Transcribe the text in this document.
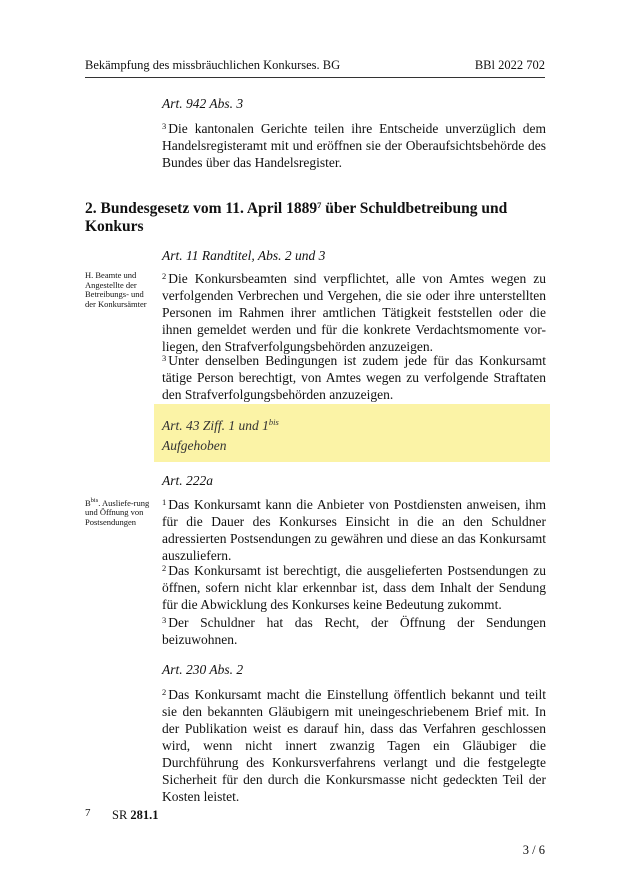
Bekämpfung des missbräuchlichen Konkurses. BG	BBl 2022 702
Art. 942 Abs. 3

$^3$ Die kantonalen Gerichte teilen ihre Entscheide unverzüglich dem Handelsregisteramt mit und eröffnen sie der Oberaufsichtsbehörde des Bundes über das Handelsregister.

2. Bundesgesetz vom 11. April 1889$^7$ über Schuldbetreibung und Konkurs
Art. 11 Randtitel, Abs. 2 und 3
H. Beamte und Angestellte der Betreibungs- und der Konkursämter

$^2$ Die Konkursbeamten sind verpflichtet, alle von Amtes wegen zu verfolgenden Verbrechen und Vergehen, die sie oder ihre unterstellten Personen im Rahmen ihrer amtlichen Tätigkeit feststellen oder die ihnen gemeldet werden und für die konkrete Verdachtsmomente vor-liegen, den Strafverfolgungsbehörden anzuzeigen.

$^3$ Unter denselben Bedingungen ist zudem jede für das Konkursamt tätige Person berechtigt, von Amtes wegen zu verfolgende Straftaten den Strafverfolgungsbehörden anzuzeigen.

Art. 43 Ziff. 1 und $1^{bis}$
Aufgehoben
Art. 222a
$B^{bis}$. Ausliefe-rung und Öffnung von Postsendungen

$^1$ Das Konkursamt kann die Anbieter von Postdiensten anweisen, ihm für die Dauer des Konkurses Einsicht in die an den Schuldner adressierten Postsendungen zu gewähren und diese an das Konkursamt auszuliefern.

$^2$ Das Konkursamt ist berechtigt, die ausgelieferten Postsendungen zu öffnen, sofern nicht klar erkennbar ist, dass dem Inhalt der Sendung für die Abwicklung des Konkurses keine Bedeutung zukommt.

$^3$ Der Schuldner hat das Recht, der Öffnung der Sendungen beizuwohnen.

Art. 230 Abs. 2

$^2$ Das Konkursamt macht die Einstellung öffentlich bekannt und teilt sie den bekannten Gläubigern mit uneingeschriebenem Brief mit. In der Publikation weist es darauf hin, dass das Verfahren geschlossen wird, wenn nicht innert zwanzig Tagen ein Gläubiger die Durchführung des Konkursverfahrens verlangt und die festgelegte Sicherheit für den durch die Konkursmasse nicht gedeckten Teil der Kosten leistet.

7 SR 281.1
3 / 6
